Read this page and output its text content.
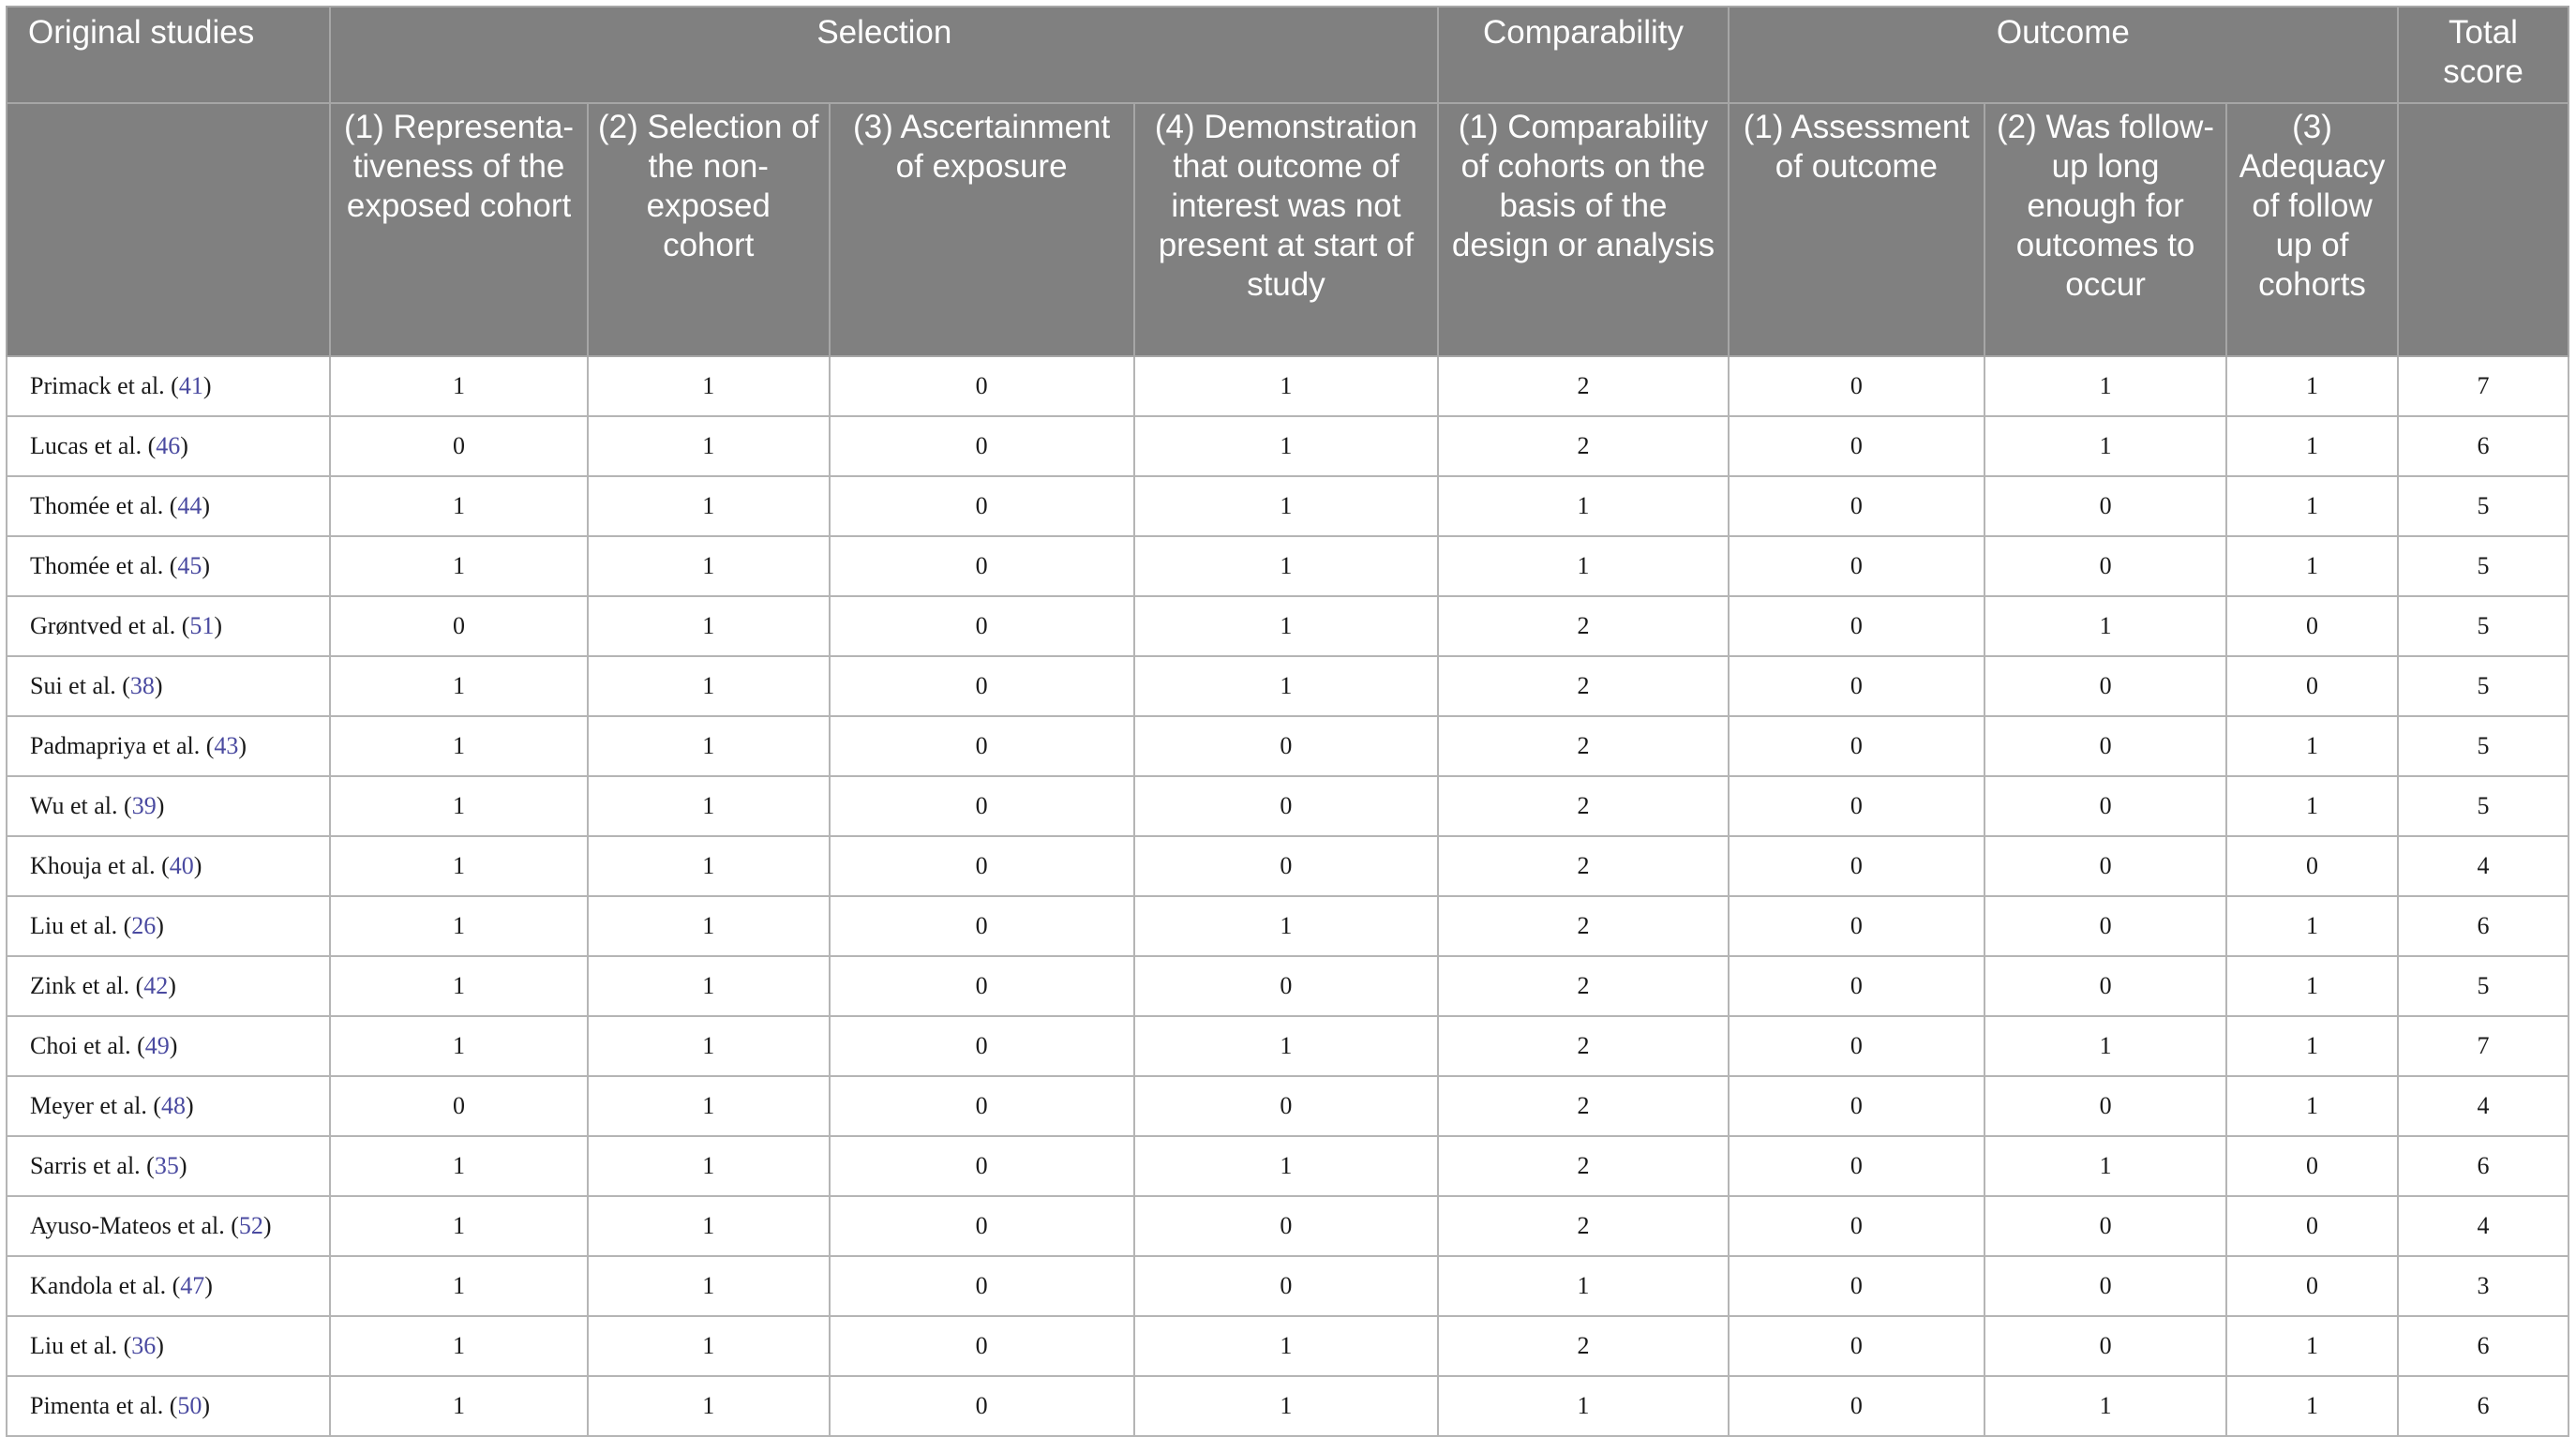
Original studies	Selection				Comparability	Outcome			Total score
	(1) Representa-tiveness of the exposed cohort	(2) Selection of the non-exposed cohort	(3) Ascertainment of exposure	(4) Demonstration that outcome of interest was not present at start of study	(1) Comparability of cohorts on the basis of the design or analysis	(1) Assessment of outcome	(2) Was follow-up long enough for outcomes to occur	(3) Adequacy of follow up of cohorts	
Primack et al. (41)	1	1	0	1	2	0	1	1	7
Lucas et al. (46)	0	1	0	1	2	0	1	1	6
Thomée et al. (44)	1	1	0	1	1	0	0	1	5
Thomée et al. (45)	1	1	0	1	1	0	0	1	5
Grøntved et al. (51)	0	1	0	1	2	0	1	0	5
Sui et al. (38)	1	1	0	1	2	0	0	0	5
Padmapriya et al. (43)	1	1	0	0	2	0	0	1	5
Wu et al. (39)	1	1	0	0	2	0	0	1	5
Khouja et al. (40)	1	1	0	0	2	0	0	0	4
Liu et al. (26)	1	1	0	1	2	0	0	1	6
Zink et al. (42)	1	1	0	0	2	0	0	1	5
Choi et al. (49)	1	1	0	1	2	0	1	1	7
Meyer et al. (48)	0	1	0	0	2	0	0	1	4
Sarris et al. (35)	1	1	0	1	2	0	1	0	6
Ayuso-Mateos et al. (52)	1	1	0	0	2	0	0	0	4
Kandola et al. (47)	1	1	0	0	1	0	0	0	3
Liu et al. (36)	1	1	0	1	2	0	0	1	6
Pimenta et al. (50)	1	1	0	1	1	0	1	1	6
